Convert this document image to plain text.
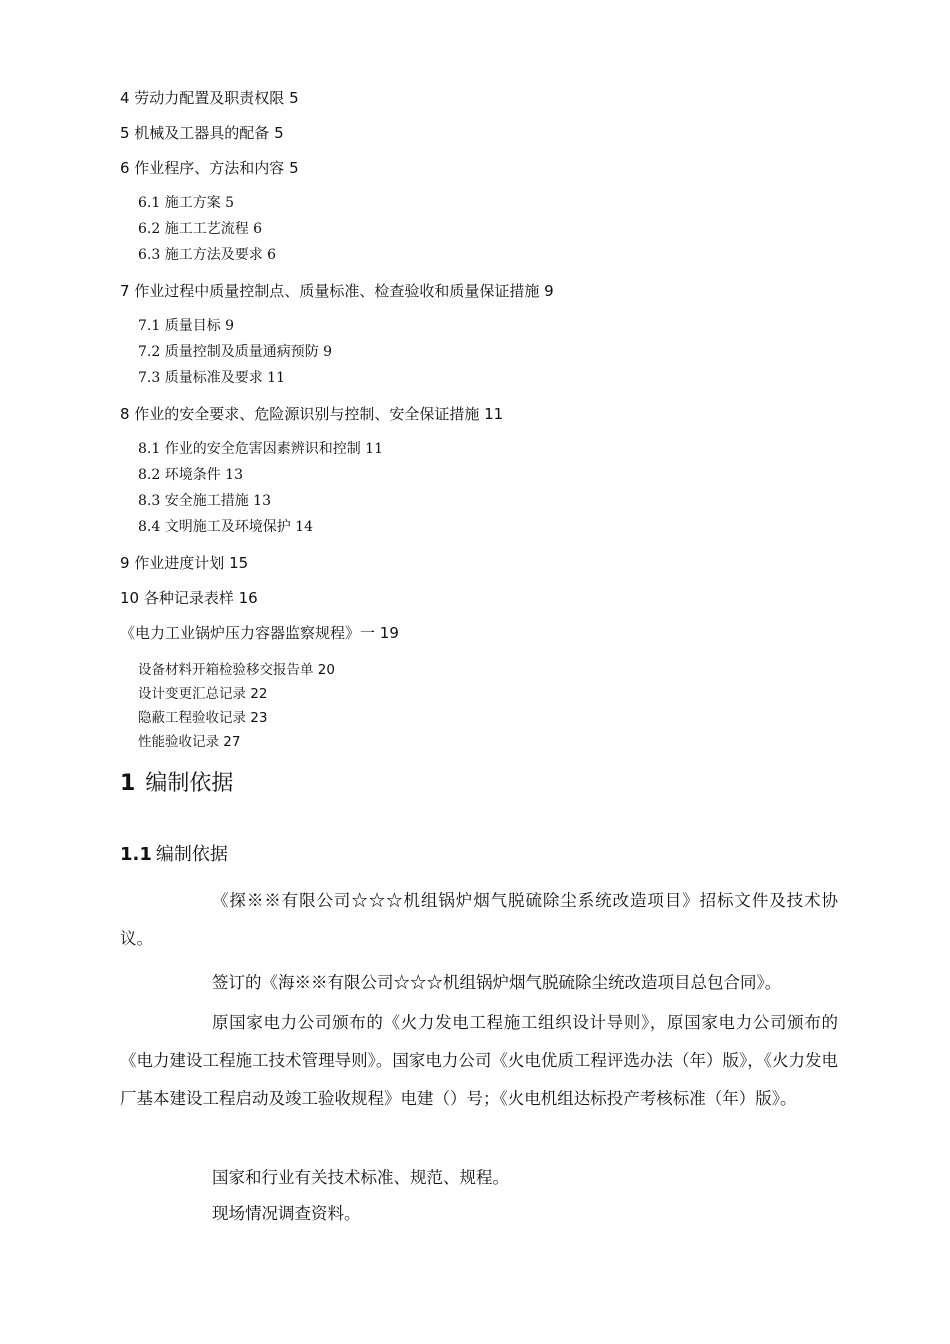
4 劳动力配置及职责权限 5
5 机械及工器具的配备 5
6 作业程序、方法和内容 5
6.1 施工方案 5
6.2 施工工艺流程 6
6.3 施工方法及要求 6
7 作业过程中质量控制点、质量标准、检查验收和质量保证措施 9
7.1 质量目标 9
7.2 质量控制及质量通病预防 9
7.3 质量标准及要求 11
8 作业的安全要求、危险源识别与控制、安全保证措施 11
8.1 作业的安全危害因素辨识和控制 11
8.2 环境条件 13
8.3 安全施工措施 13
8.4 文明施工及环境保护 14
9 作业进度计划 15
10 各种记录表样 16
《电力工业锅炉压力容器监察规程》一 19
设备材料开箱检验移交报告单 20
设计变更汇总记录 22
隐蔽工程验收记录 23
性能验收记录 27
1 编制依据
1.1 编制依据

《探※※有限公司☆☆☆机组锅炉烟气脱硫除尘系统改造项目》招标文件及技术协议。

签订的《海※※有限公司☆☆☆机组锅炉烟气脱硫除尘统改造项目总包合同》。

原国家电力公司颁布的《火力发电工程施工组织设计导则》，原国家电力公司颁布的《电力建设工程施工技术管理导则》。国家电力公司《火电优质工程评选办法（年）版》，《火力发电厂基本建设工程启动及竣工验收规程》电建（）号；《火电机组达标投产考核标准（年）版》。

国家和行业有关技术标准、规范、规程。
现场情况调查资料。
